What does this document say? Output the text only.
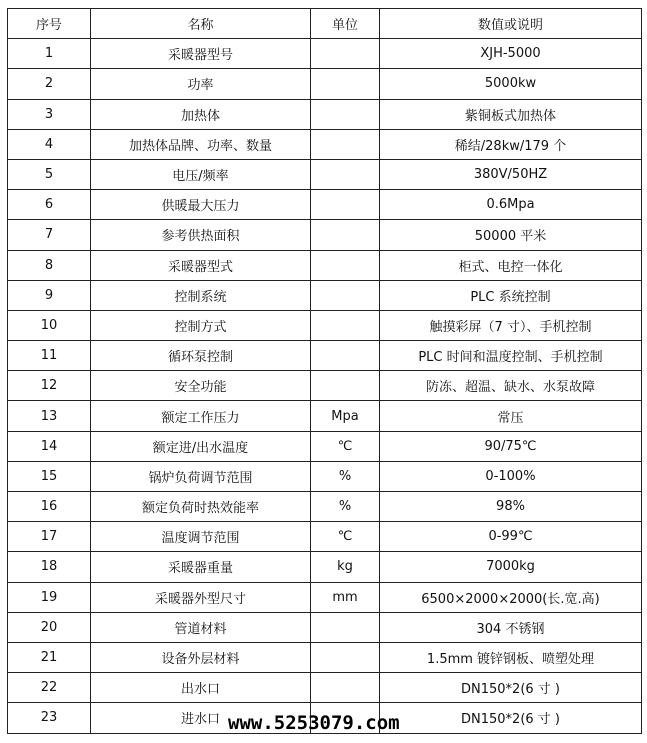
序号	名称	单位	数值或说明
1	采暖器型号		XJH-5000
2	功率		5000kw
3	加热体		紫铜板式加热体
4	加热体品牌、功率、数量		稀结/28kw/179 个
5	电压/频率		380V/50HZ
6	供暖最大压力		0.6Mpa
7	参考供热面积		50000 平米
8	采暖器型式		柜式、电控一体化
9	控制系统		PLC 系统控制
10	控制方式		触摸彩屏（7 寸）、手机控制
11	循环泵控制		PLC 时间和温度控制、手机控制
12	安全功能		防冻、超温、缺水、水泵故障
13	额定工作压力	Mpa	常压
14	额定进/出水温度	℃	90/75℃
15	锅炉负荷调节范围	%	0-100%
16	额定负荷时热效能率	%	98%
17	温度调节范围	℃	0-99℃
18	采暖器重量	kg	7000kg
19	采暖器外型尺寸	mm	6500×2000×2000(长.宽.高)
20	管道材料		304 不锈钢
21	设备外层材料		1.5mm 镀锌钢板、喷塑处理
22	出水口		DN150*2(6 寸 )
23	进水口		DN150*2(6 寸 )
www.5253079.com
